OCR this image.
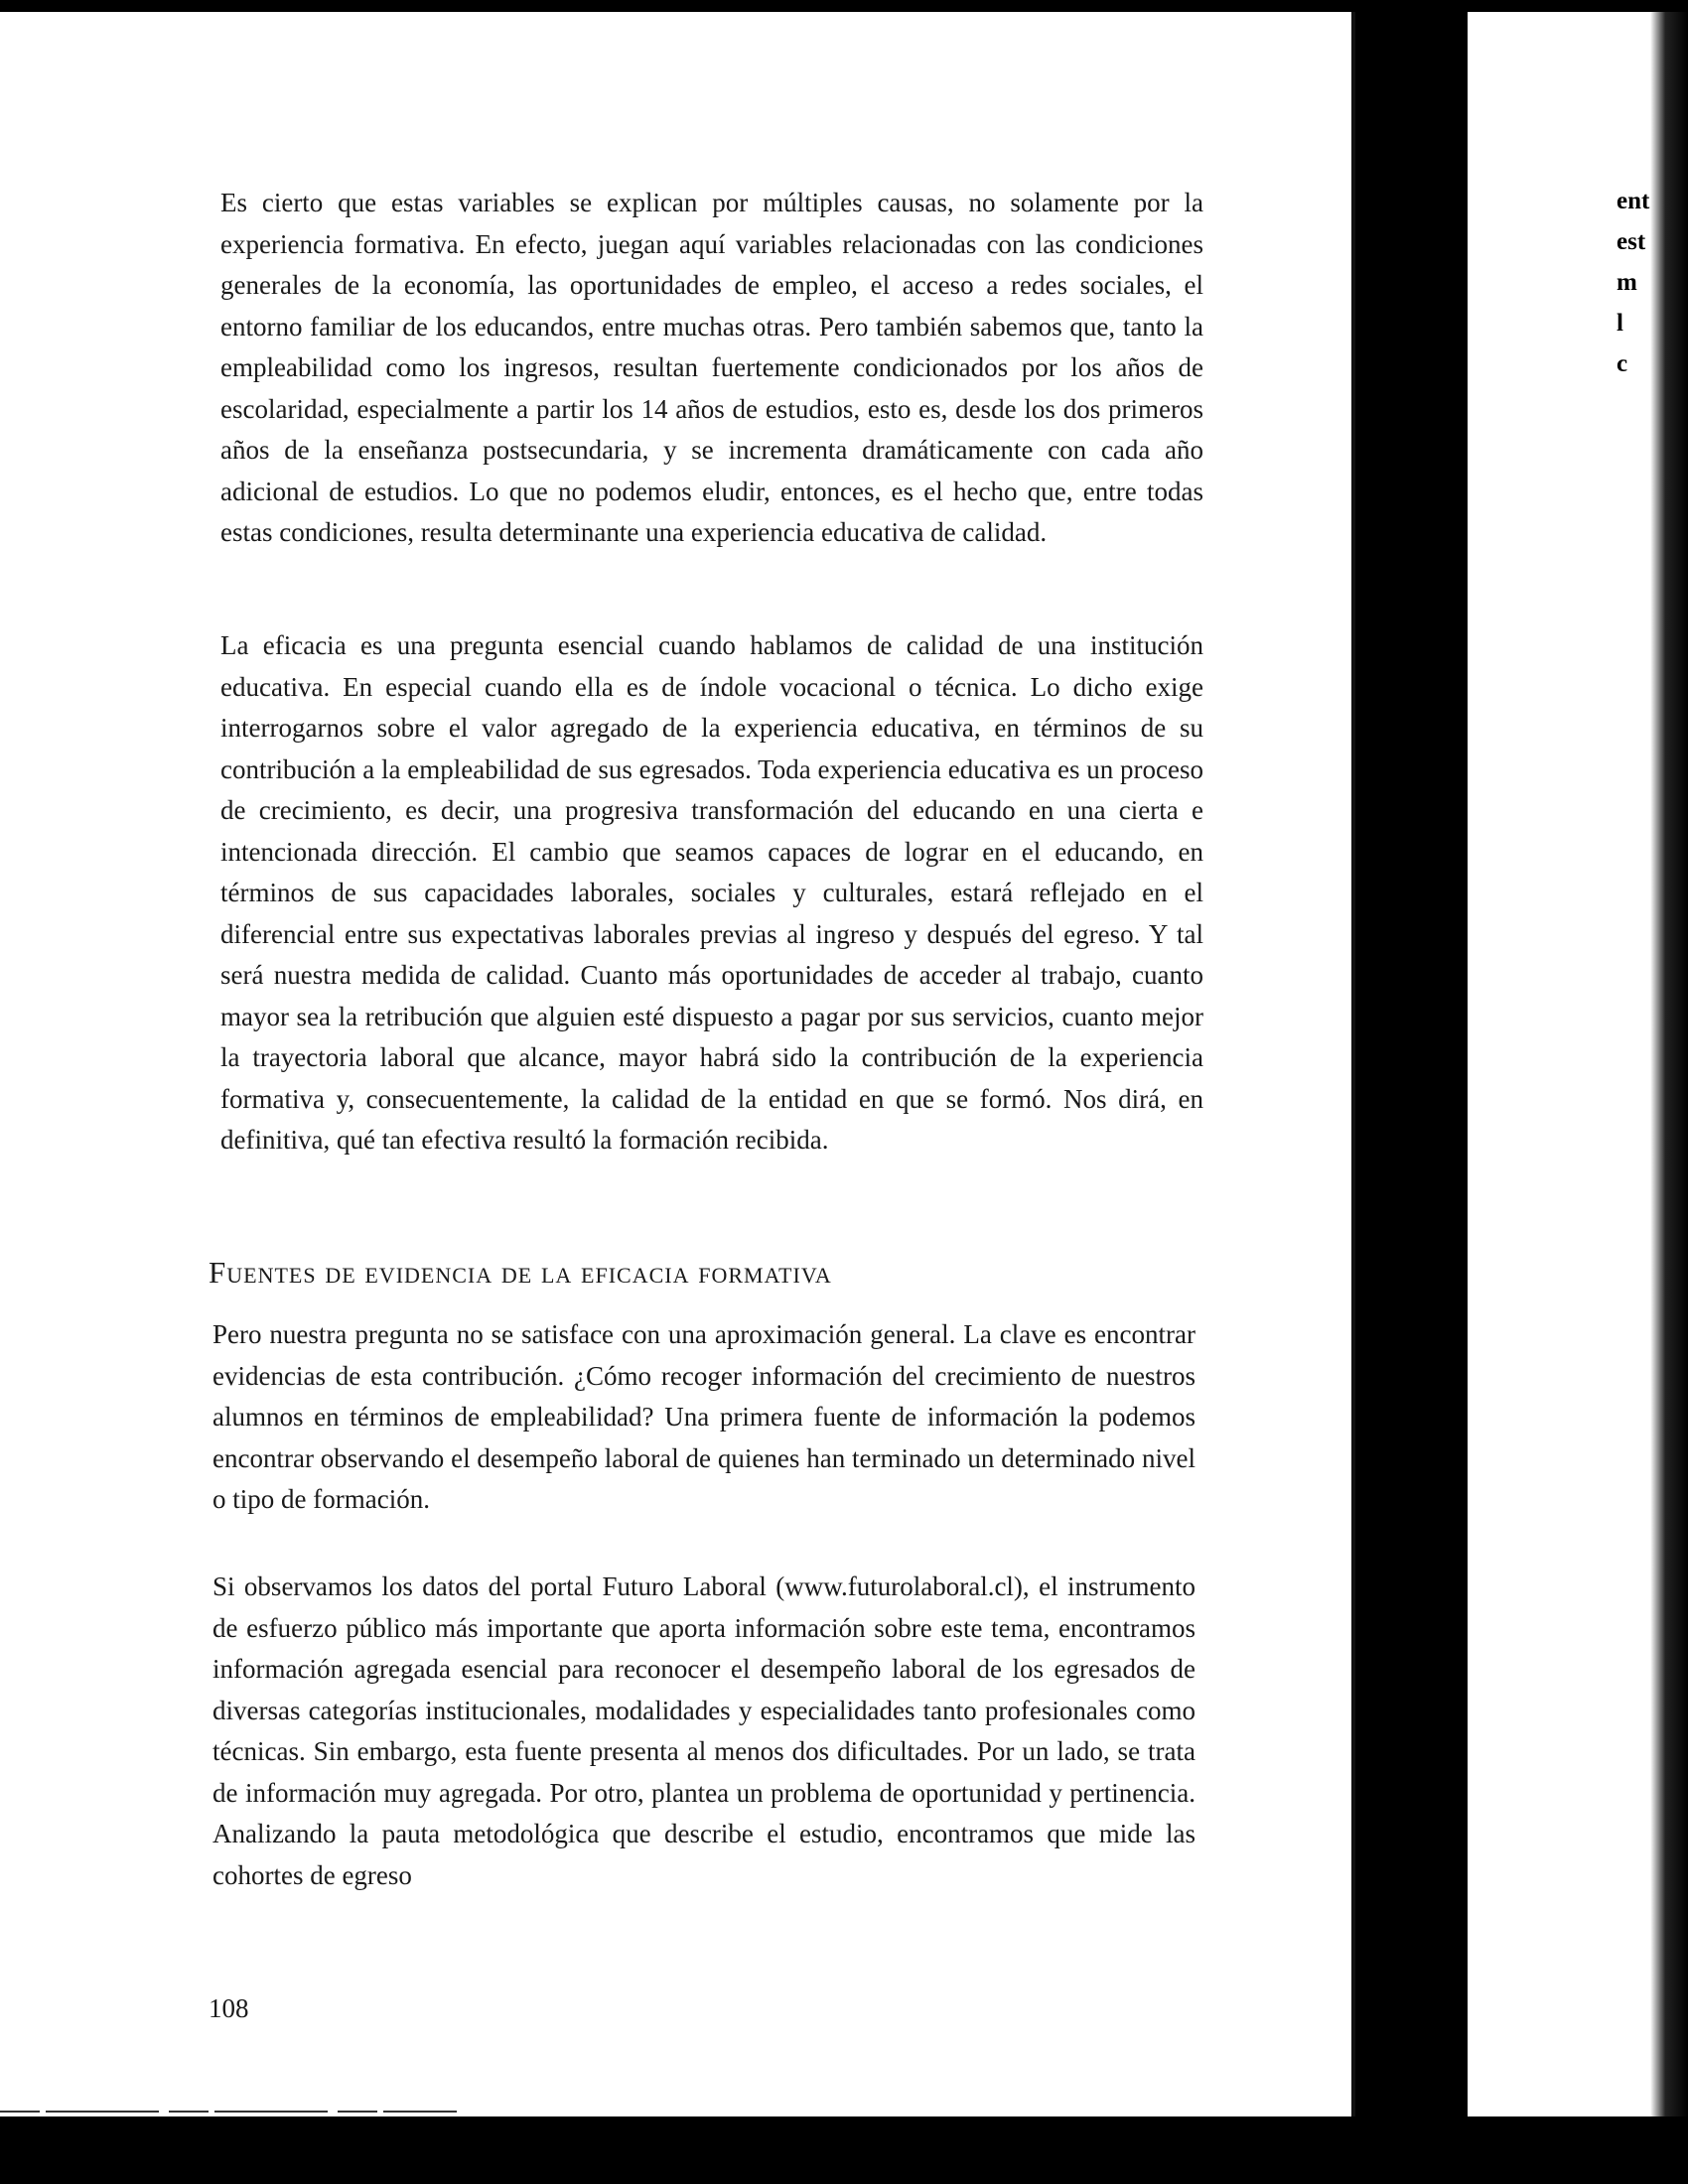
Es cierto que estas variables se explican por múltiples causas, no solamente por la experiencia formativa. En efecto, juegan aquí variables relacionadas con las condiciones generales de la economía, las oportunidades de empleo, el acceso a redes sociales, el entorno familiar de los educandos, entre muchas otras. Pero también sabemos que, tanto la empleabilidad como los ingresos, resultan fuertemente condicionados por los años de escolaridad, especialmente a partir los 14 años de estudios, esto es, desde los dos primeros años de la enseñanza postsecundaria, y se incrementa dramáticamente con cada año adicional de estudios. Lo que no podemos eludir, entonces, es el hecho que, entre todas estas condiciones, resulta determinante una experiencia educativa de calidad.
La eficacia es una pregunta esencial cuando hablamos de calidad de una institución educativa. En especial cuando ella es de índole vocacional o técnica. Lo dicho exige interrogarnos sobre el valor agregado de la experiencia educativa, en términos de su contribución a la empleabilidad de sus egresados. Toda experiencia educativa es un proceso de crecimiento, es decir, una progresiva transformación del educando en una cierta e intencionada dirección. El cambio que seamos capaces de lograr en el educando, en términos de sus capacidades laborales, sociales y culturales, estará reflejado en el diferencial entre sus expectativas laborales previas al ingreso y después del egreso. Y tal será nuestra medida de calidad. Cuanto más oportunidades de acceder al trabajo, cuanto mayor sea la retribución que alguien esté dispuesto a pagar por sus servicios, cuanto mejor la trayectoria laboral que alcance, mayor habrá sido la contribución de la experiencia formativa y, consecuentemente, la calidad de la entidad en que se formó. Nos dirá, en definitiva, qué tan efectiva resultó la formación recibida.
Fuentes de evidencia de la eficacia formativa
Pero nuestra pregunta no se satisface con una aproximación general. La clave es encontrar evidencias de esta contribución. ¿Cómo recoger información del crecimiento de nuestros alumnos en términos de empleabilidad? Una primera fuente de información la podemos encontrar observando el desempeño laboral de quienes han terminado un determinado nivel o tipo de formación.
Si observamos los datos del portal Futuro Laboral (www.futurolaboral.cl), el instrumento de esfuerzo público más importante que aporta información sobre este tema, encontramos información agregada esencial para reconocer el desempeño laboral de los egresados de diversas categorías institucionales, modalidades y especialidades tanto profesionales como técnicas. Sin embargo, esta fuente presenta al menos dos dificultades. Por un lado, se trata de información muy agregada. Por otro, plantea un problema de oportunidad y pertinencia. Analizando la pauta metodológica que describe el estudio, encontramos que mide las cohortes de egreso
108
ent
est
m
l
c
